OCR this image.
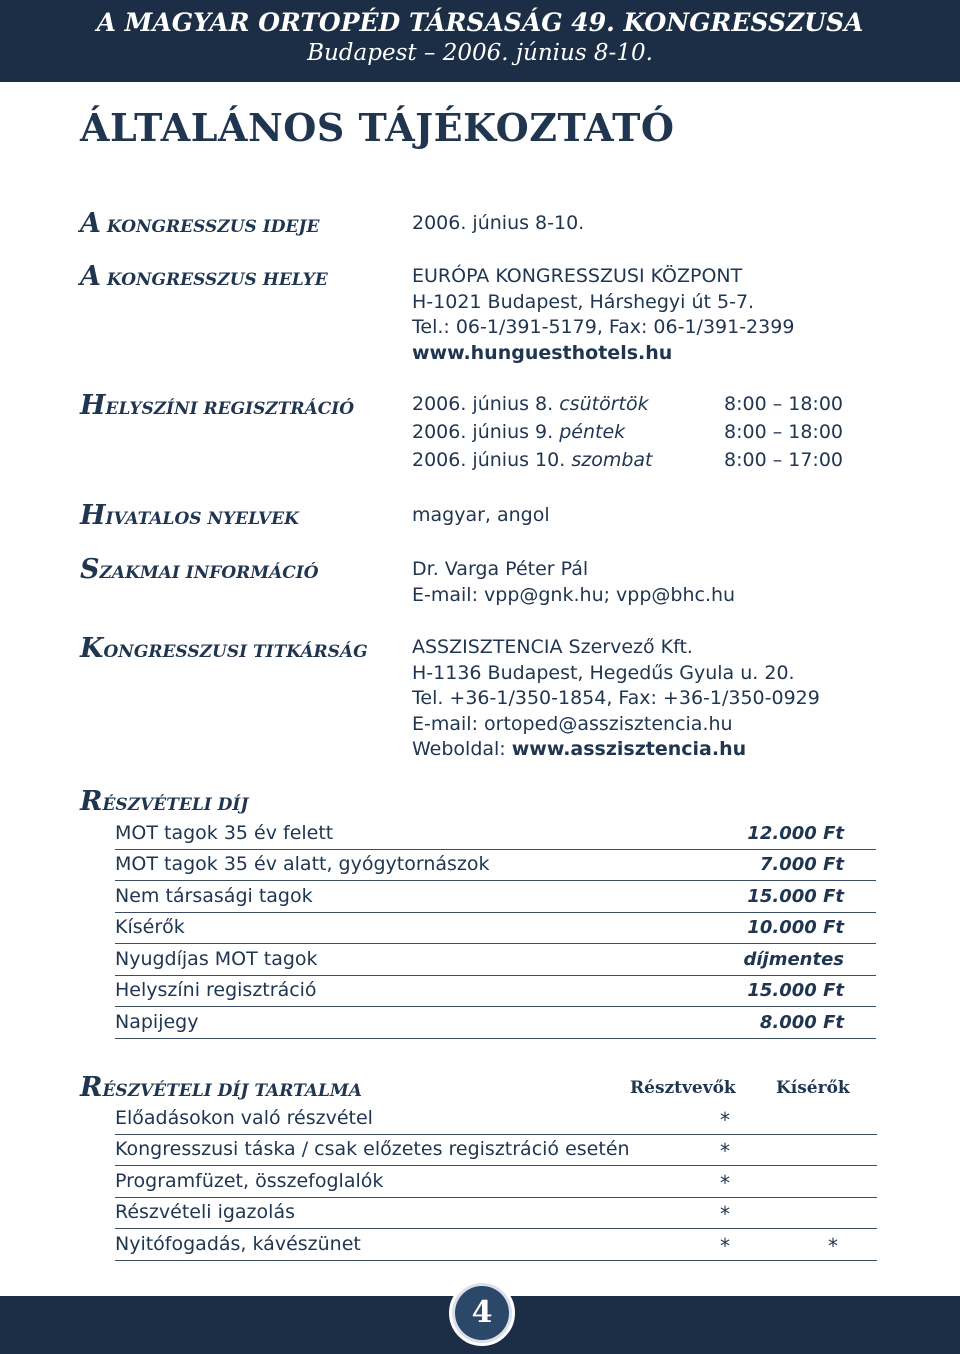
A MAGYAR ORTOPÉD TÁRSASÁG 49. KONGRESSZUSA
Budapest – 2006. június 8-10.
ÁLTALÁNOS TÁJÉKOZTATÓ
A KONGRESSZUS IDEJE	2006. június 8-10.
A KONGRESSZUS HELYE	EURÓPA KONGRESSZUSI KÖZPONT
H-1021 Budapest, Hárshegyi út 5-7.
Tel.: 06-1/391-5179, Fax: 06-1/391-2399
www.hunguesthotels.hu
HELYSZÍNI REGISZTRÁCIÓ	2006. június 8. csütörtök	8:00 – 18:00
2006. június 9. péntek	8:00 – 18:00
2006. június 10. szombat	8:00 – 17:00
HIVATALOS NYELVEK	magyar, angol
SZAKMAI INFORMÁCIÓ	Dr. Varga Péter Pál
E-mail: vpp@gnk.hu; vpp@bhc.hu
KONGRESSZUSI TITKÁRSÁG ASSZISZTENCIA Szervező Kft.
H-1136 Budapest, Hegedűs Gyula u. 20.
Tel. +36-1/350-1854, Fax: +36-1/350-0929
E-mail: ortoped@asszisztencia.hu
Weboldal: www.asszisztencia.hu
RÉSZVÉTELI DÍJ
MOT tagok 35 év felett	12.000 Ft
MOT tagok 35 év alatt, gyógytornászok	7.000 Ft
Nem társasági tagok	15.000 Ft
Kísérők	10.000 Ft
Nyugdíjas MOT tagok	díjmentes
Helyszíni regisztráció	15.000 Ft
Napijegy	8.000 Ft
RÉSZVÉTELI DÍJ TARTALMA	Résztvevők Kísérők
Előadásokon való részvétel	*
Kongresszusi táska / csak előzetes regisztráció esetén	*
Programfüzet, összefoglalók	*
Részvételi igazolás	*
Nyitófogadás, kávészünet	*	*
4
